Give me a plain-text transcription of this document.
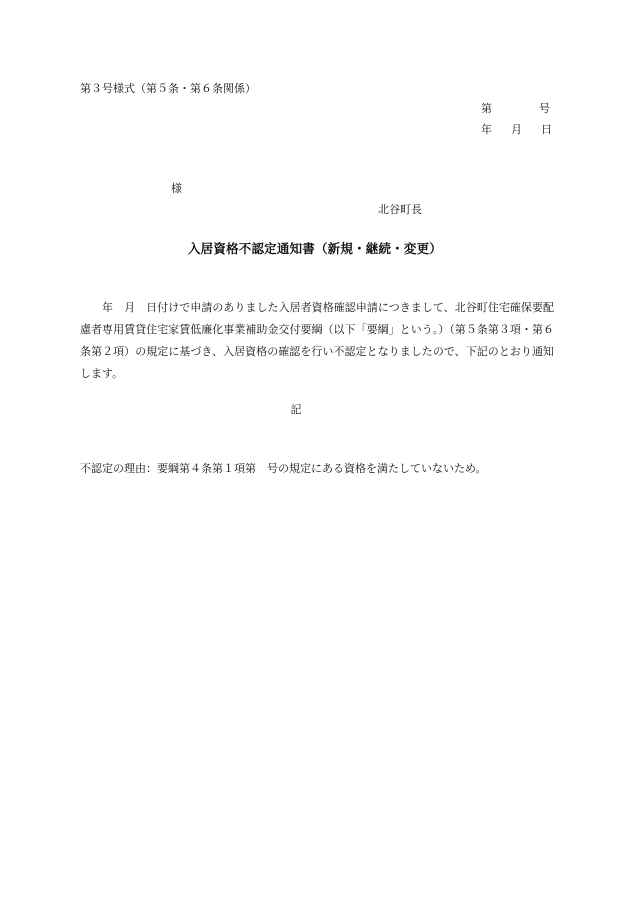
第３号様式（第５条・第６条関係）
第	号
年 月 日
様
北谷町長
入居資格不認定通知書（新規・継続・変更）
年　月　日付けで申請のありました入居者資格確認申請につきまして、北谷町住宅確保要配慮者専用賃貸住宅家賃低廉化事業補助金交付要綱（以下「要綱」という。）（第５条第３項・第６条第２項）の規定に基づき、入居資格の確認を行い不認定となりましたので、下記のとおり通知します。
記
不認定の理由：要綱第４条第１項第　号の規定にある資格を満たしていないため。
